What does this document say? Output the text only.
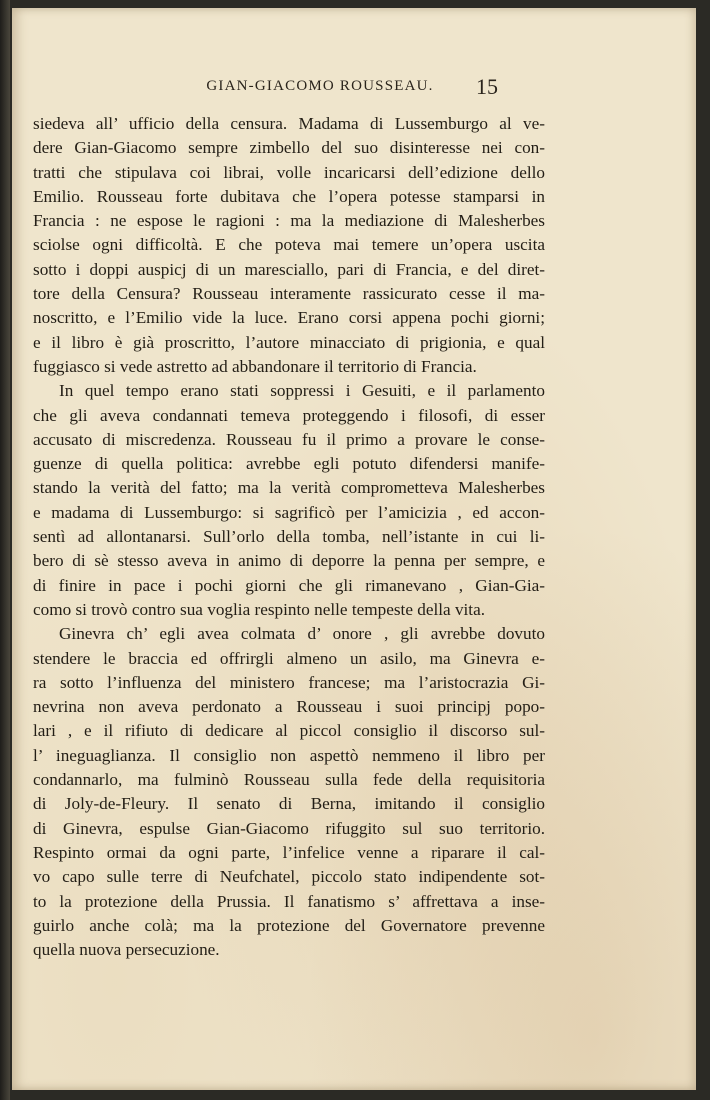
GIAN-GIACOMO ROUSSEAU.	15
siedeva all’ ufficio della censura. Madama di Lussemburgo al ve-
dere Gian-Giacomo sempre zimbello del suo disinteresse nei con-
tratti che stipulava coi librai, volle incaricarsi dell’edizione dello
Emilio. Rousseau forte dubitava che l’opera potesse stamparsi in
Francia : ne espose le ragioni : ma la mediazione di Malesherbes
sciolse ogni difficoltà. E che poteva mai temere un’opera uscita
sotto i doppi auspicj di un maresciallo, pari di Francia, e del diret-
tore della Censura? Rousseau interamente rassicurato cesse il ma-
noscritto, e l’Emilio vide la luce. Erano corsi appena pochi giorni;
e il libro è già proscritto, l’autore minacciato di prigionia, e qual
fuggiasco si vede astretto ad abbandonare il territorio di Francia.
In quel tempo erano stati soppressi i Gesuiti, e il parlamento
che gli aveva condannati temeva proteggendo i filosofi, di esser
accusato di miscredenza. Rousseau fu il primo a provare le conse-
guenze di quella politica: avrebbe egli potuto difendersi manife-
stando la verità del fatto; ma la verità comprometteva Malesherbes
e madama di Lussemburgo: si sagrificò per l’amicizia , ed accon-
sentì ad allontanarsi. Sull’orlo della tomba, nell’istante in cui li-
bero di sè stesso aveva in animo di deporre la penna per sempre, e
di finire in pace i pochi giorni che gli rimanevano , Gian-Gia-
como si trovò contro sua voglia respinto nelle tempeste della vita.
Ginevra ch’ egli avea colmata d’ onore , gli avrebbe dovuto
stendere le braccia ed offrirgli almeno un asilo, ma Ginevra e-
ra sotto l’influenza del ministero francese; ma l’aristocrazia Gi-
nevrina non aveva perdonato a Rousseau i suoi principj popo-
lari , e il rifiuto di dedicare al piccol consiglio il discorso sul-
l’ ineguaglianza. Il consiglio non aspettò nemmeno il libro per
condannarlo, ma fulminò Rousseau sulla fede della requisitoria
di Joly-de-Fleury. Il senato di Berna, imitando il consiglio
di Ginevra, espulse Gian-Giacomo rifuggito sul suo territorio.
Respinto ormai da ogni parte, l’infelice venne a riparare il cal-
vo capo sulle terre di Neufchatel, piccolo stato indipendente sot-
to la protezione della Prussia. Il fanatismo s’ affrettava a inse-
guirlo anche colà; ma la protezione del Governatore prevenne
quella nuova persecuzione.
